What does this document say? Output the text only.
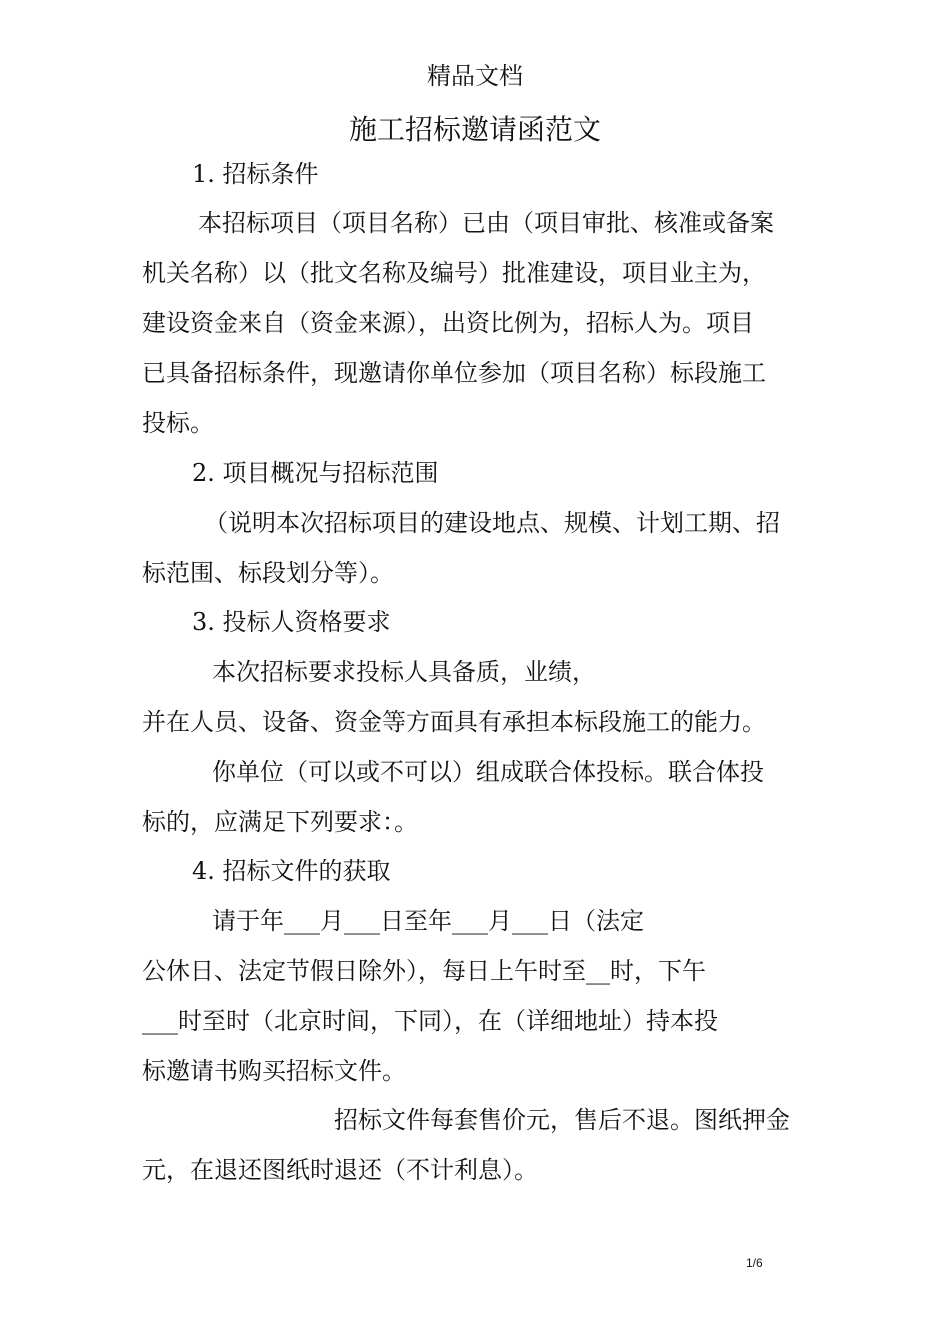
精品文档
施工招标邀请函范文
1. 招标条件
本招标项目（项目名称）已由（项目审批、核准或备案
机关名称）以（批文名称及编号）批准建设，项目业主为，
建设资金来自（资金来源），出资比例为，招标人为。项目
已具备招标条件，现邀请你单位参加（项目名称）标段施工
投标。
2. 项目概况与招标范围
（说明本次招标项目的建设地点、规模、计划工期、招
标范围、标段划分等）。
3. 投标人资格要求
本次招标要求投标人具备质，业绩，
并在人员、设备、资金等方面具有承担本标段施工的能力。
你单位（可以或不可以）组成联合体投标。联合体投
标的，应满足下列要求：。
4. 招标文件的获取
请于年___月___日至年___月___日（法定
公休日、法定节假日除外），每日上午时至__时，下午
___时至时（北京时间，下同），在（详细地址）持本投
标邀请书购买招标文件。
招标文件每套售价元，售后不退。图纸押金
元，在退还图纸时退还（不计利息）。
1/6
